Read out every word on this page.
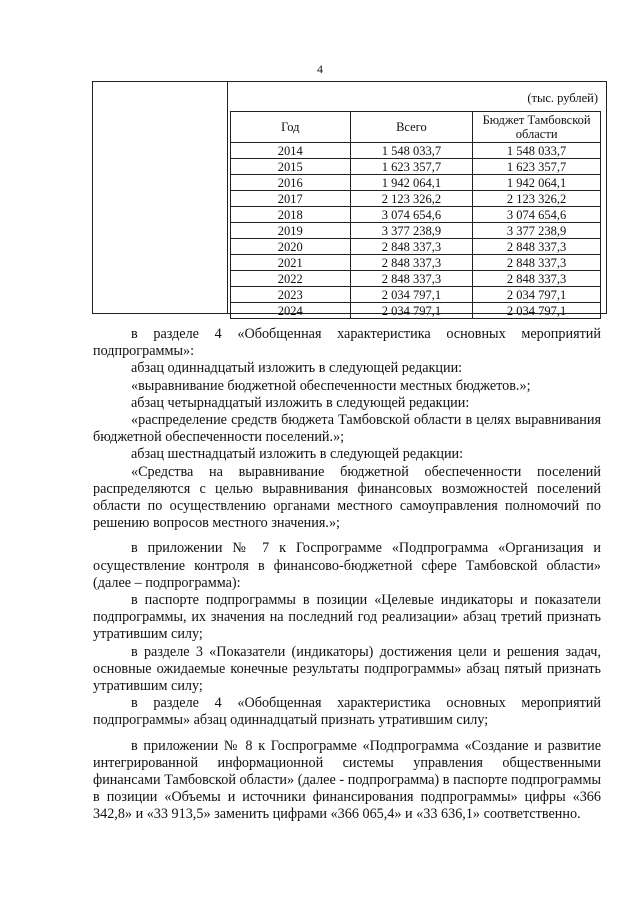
4
(тыс. рублей)
Год	Всего	Бюджет Тамбовской области
2014	1 548 033,7	1 548 033,7
2015	1 623 357,7	1 623 357,7
2016	1 942 064,1	1 942 064,1
2017	2 123 326,2	2 123 326,2
2018	3 074 654,6	3 074 654,6
2019	3 377 238,9	3 377 238,9
2020	2 848 337,3	2 848 337,3
2021	2 848 337,3	2 848 337,3
2022	2 848 337,3	2 848 337,3
2023	2 034 797,1	2 034 797,1
2024	2 034 797,1	2 034 797,1

в разделе 4 «Обобщенная характеристика основных мероприятий подпрограммы»:

абзац одиннадцатый изложить в следующей редакции:

«выравнивание бюджетной обеспеченности местных бюджетов.»;

абзац четырнадцатый изложить в следующей редакции:

«распределение средств бюджета Тамбовской области в целях выравнивания бюджетной обеспеченности поселений.»;

абзац шестнадцатый изложить в следующей редакции:

«Средства на выравнивание бюджетной обеспеченности поселений распределяются с целью выравнивания финансовых возможностей поселений области по осуществлению органами местного самоуправления полномочий по решению вопросов местного значения.»;

в приложении № 7 к Госпрограмме «Подпрограмма «Организация и осуществление контроля в финансово-бюджетной сфере Тамбовской области» (далее – подпрограмма):

в паспорте подпрограммы в позиции «Целевые индикаторы и показатели подпрограммы, их значения на последний год реализации» абзац третий признать утратившим силу;

в разделе 3 «Показатели (индикаторы) достижения цели и решения задач, основные ожидаемые конечные результаты подпрограммы» абзац пятый признать утратившим силу;

в разделе 4 «Обобщенная характеристика основных мероприятий подпрограммы» абзац одиннадцатый признать утратившим силу;

в приложении № 8 к Госпрограмме «Подпрограмма «Создание и развитие интегрированной информационной системы управления общественными финансами Тамбовской области» (далее - подпрограмма) в паспорте подпрограммы в позиции «Объемы и источники финансирования подпрограммы» цифры «366 342,8» и «33 913,5» заменить цифрами «366 065,4» и «33 636,1» соответственно.
